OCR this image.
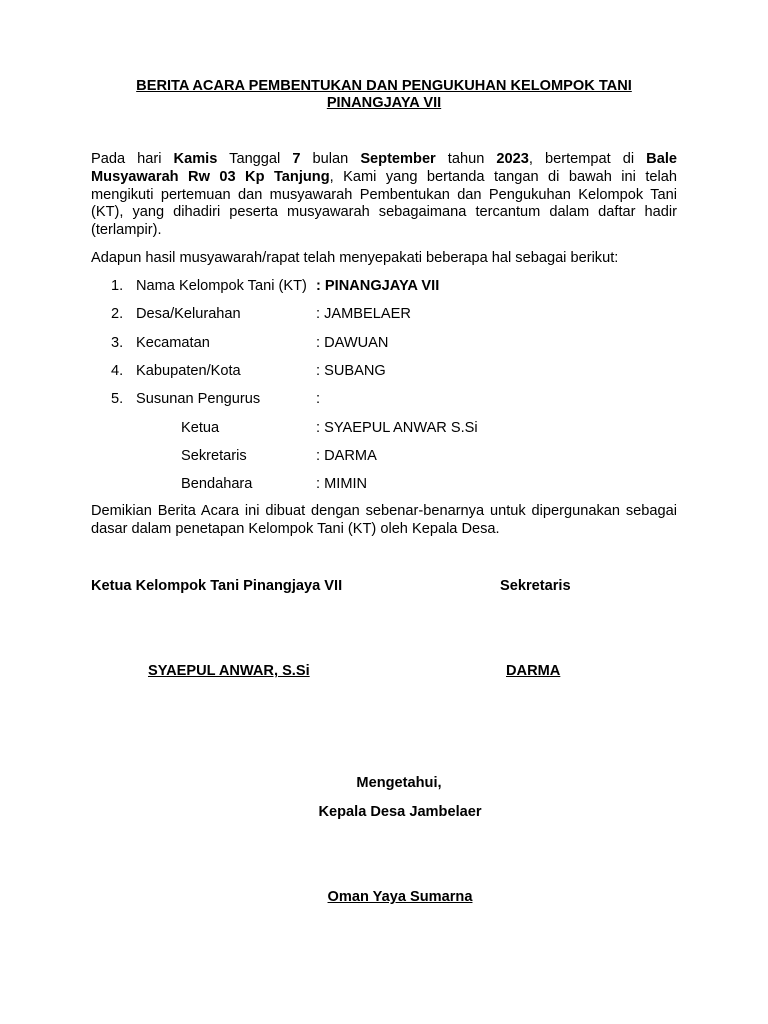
BERITA ACARA PEMBENTUKAN DAN PENGUKUHAN KELOMPOK TANI
PINANGJAYA VII
Pada hari Kamis Tanggal 7 bulan September tahun 2023, bertempat di Bale Musyawarah Rw 03 Kp Tanjung, Kami yang bertanda tangan di bawah ini telah mengikuti pertemuan dan musyawarah Pembentukan dan Pengukuhan Kelompok Tani (KT), yang dihadiri peserta musyawarah sebagaimana tercantum dalam daftar hadir (terlampir).
Adapun hasil musyawarah/rapat telah menyepakati beberapa hal sebagai berikut:
1. Nama Kelompok Tani (KT) : PINANGJAYA VII
2. Desa/Kelurahan	: JAMBELAER
3. Kecamatan	: DAWUAN
4. Kabupaten/Kota	: SUBANG
5. Susunan Pengurus	:
Ketua	: SYAEPUL ANWAR S.Si
Sekretaris	: DARMA
Bendahara	: MIMIN
Demikian Berita Acara ini dibuat dengan sebenar-benarnya untuk dipergunakan sebagai dasar dalam penetapan Kelompok Tani (KT) oleh Kepala Desa.
Ketua Kelompok Tani Pinangjaya VII	Sekretaris
SYAEPUL ANWAR, S.Si	DARMA
Mengetahui,
Kepala Desa Jambelaer
Oman Yaya Sumarna
